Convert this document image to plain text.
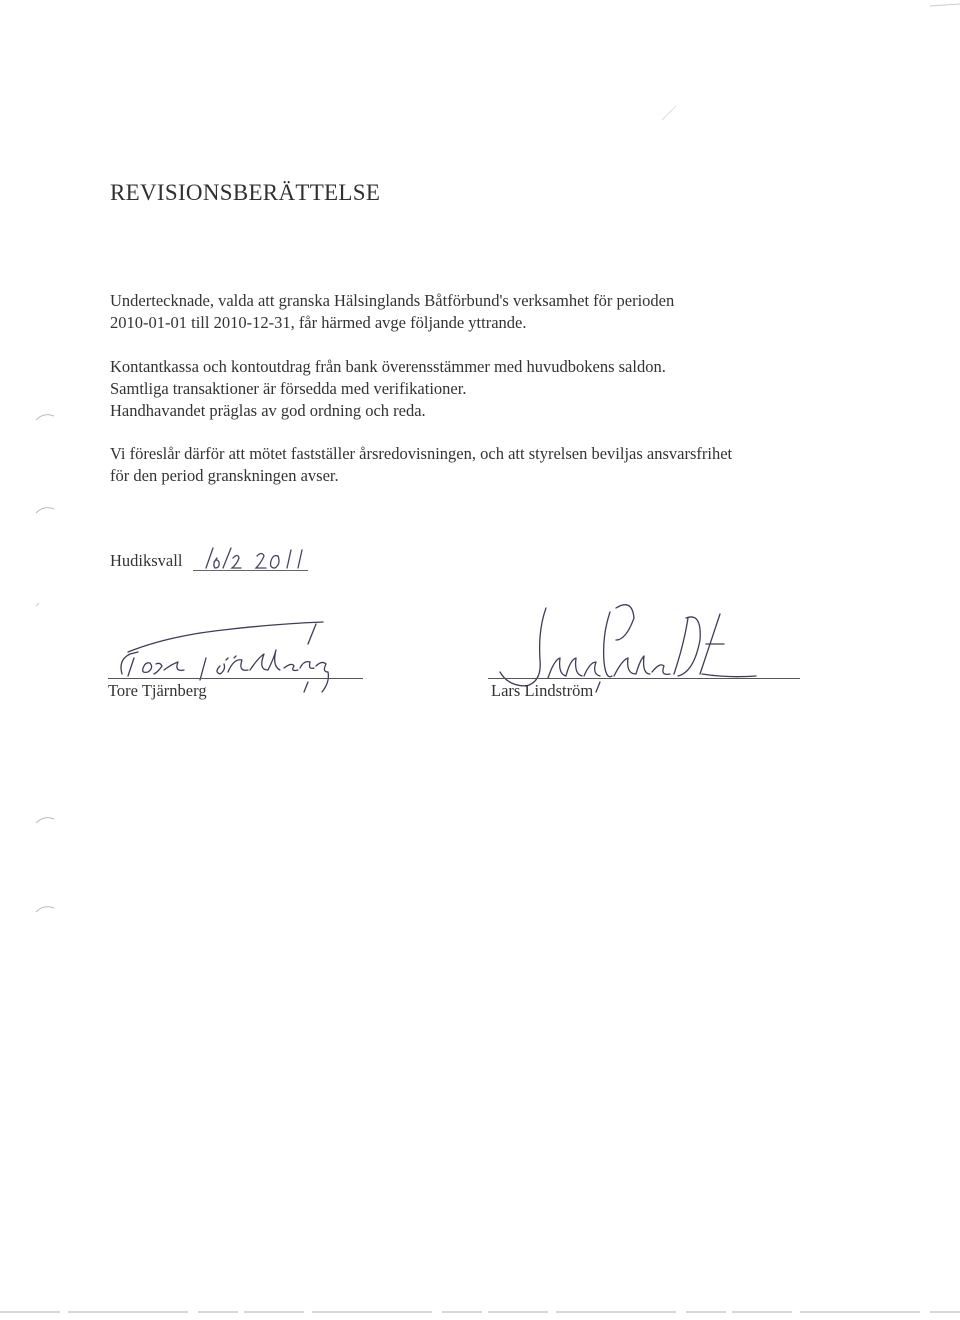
REVISIONSBERÄTTELSE

Undertecknade, valda att granska Hälsinglands Båtförbund's verksamhet för perioden
2010-01-01 till 2010-12-31, får härmed avge följande yttrande.

Kontantkassa och kontoutdrag från bank överensstämmer med huvudbokens saldon.
Samtliga transaktioner är försedda med verifikationer.
Handhavandet präglas av god ordning och reda.

Vi föreslår därför att mötet fastställer årsredovisningen, och att styrelsen beviljas ansvarsfrihet
för den period granskningen avser.

Hudiksvall
Tore Tjärnberg	Lars Lindström
